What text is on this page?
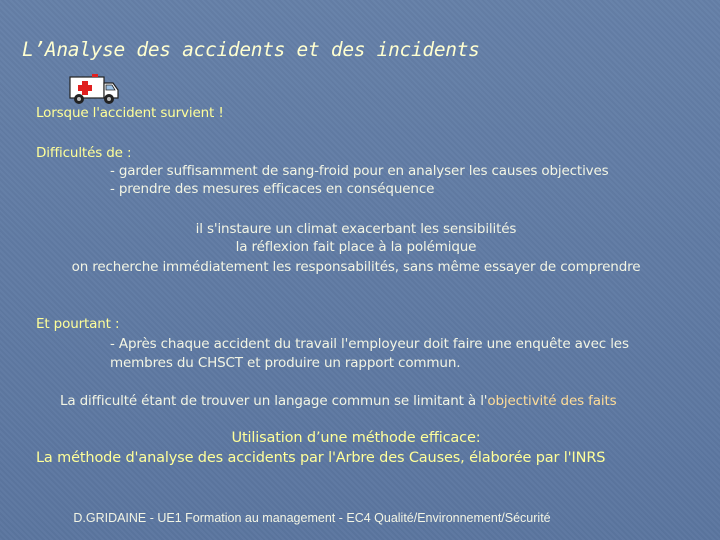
L’Analyse des accidents et des incidents
Lorsque l'accident survient !
Difficultés de :
- garder suffisamment de sang-froid pour en analyser les causes objectives
- prendre des mesures efficaces en conséquence
il s'instaure un climat exacerbant les sensibilités
la réflexion fait place à la polémique
on recherche immédiatement les responsabilités, sans même essayer de comprendre
Et pourtant :
- Après chaque accident du travail l'employeur doit faire une enquête avec les
membres du CHSCT et produire un rapport commun.
La difficulté étant de trouver un langage commun se limitant à l'objectivité des faits
Utilisation d’une méthode efficace:
La méthode d'analyse des accidents par l'Arbre des Causes, élaborée par l'INRS
D.GRIDAINE - UE1 Formation au management - EC4 Qualité/Environnement/Sécurité
